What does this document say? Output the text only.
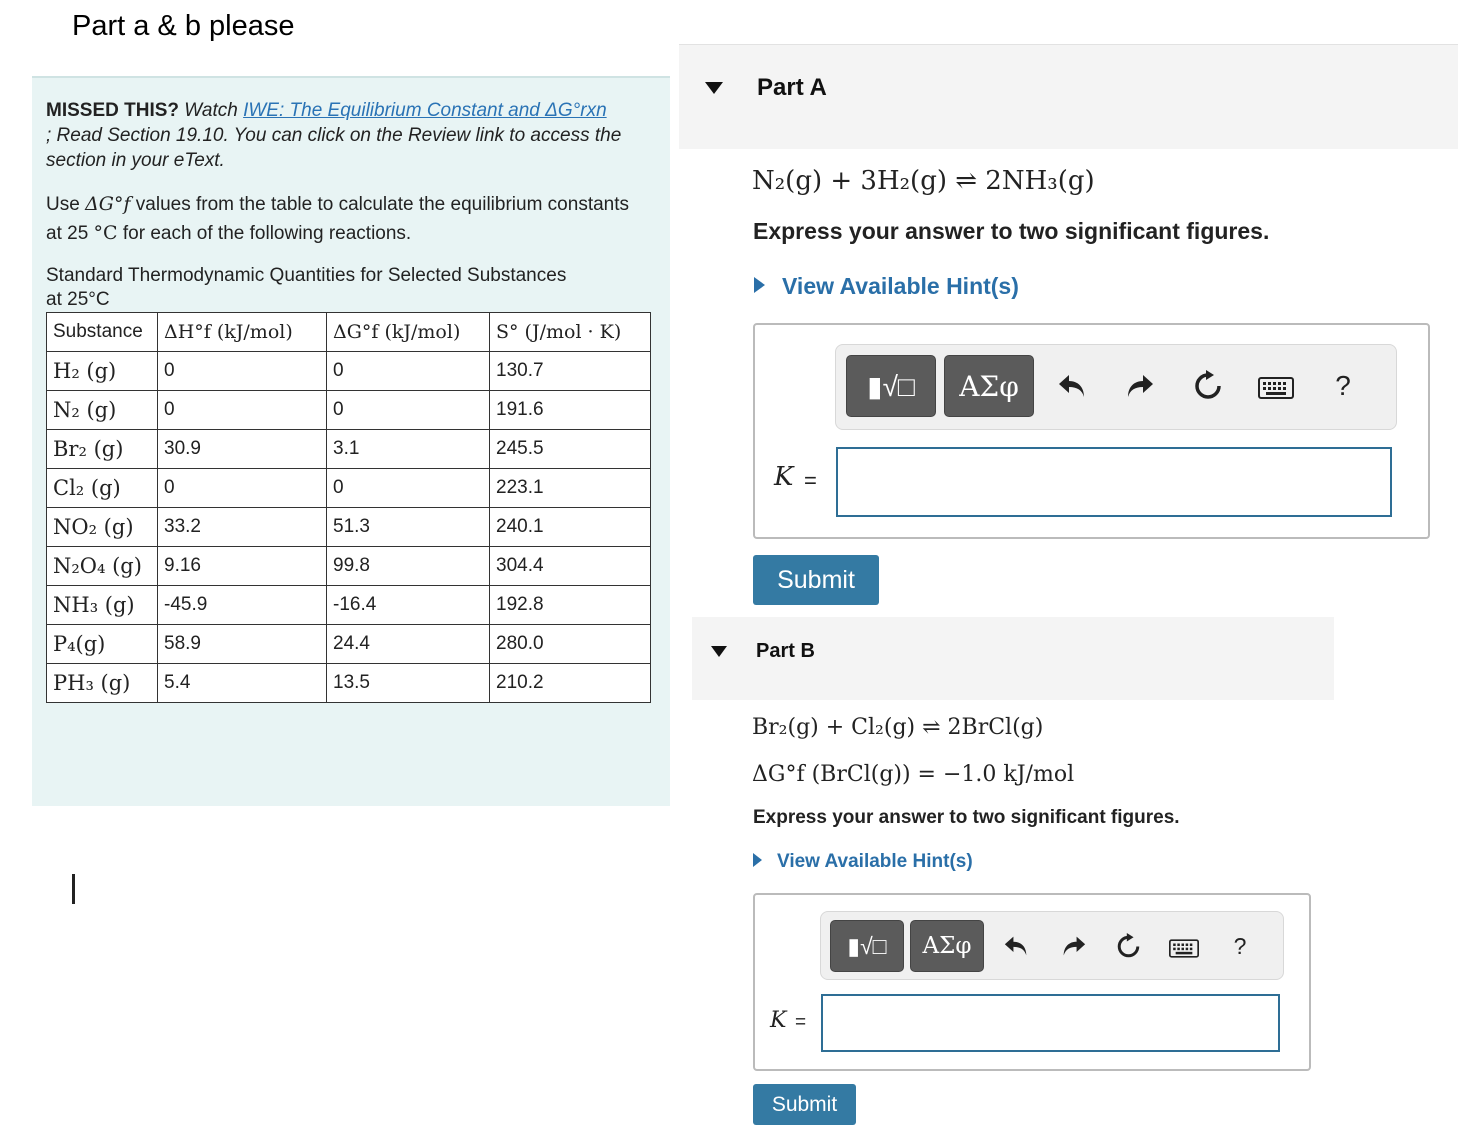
Part a & b please
MISSED THIS? Watch IWE: The Equilibrium Constant and ΔG°rxn
; Read Section 19.10. You can click on the Review link to access the section in your eText.
Use ΔG°f values from the table to calculate the equilibrium constants at 25 °C for each of the following reactions.
Standard Thermodynamic Quantities for Selected Substances
at 25°C
Substance	ΔH°f (kJ/mol)	ΔG°f (kJ/mol)	S° (J/mol · K)
H₂ (g)	0	0	130.7
N₂ (g)	0	0	191.6
Br₂ (g)	30.9	3.1	245.5
Cl₂ (g)	0	0	223.1
NO₂ (g)	33.2	51.3	240.1
N₂O₄ (g)	9.16	99.8	304.4
NH₃ (g)	-45.9	-16.4	192.8
P₄(g)	58.9	24.4	280.0
PH₃ (g)	5.4	13.5	210.2
Part A
N₂(g) + 3H₂(g) ⇌ 2NH₃(g)
Express your answer to two significant figures.
View Available Hint(s)
▮√□	ΑΣφ	?
K =
Submit
Part B
Br₂(g) + Cl₂(g) ⇌ 2BrCl(g)
ΔG°f (BrCl(g)) = −1.0 kJ/mol
Express your answer to two significant figures.
View Available Hint(s)
▮√□	ΑΣφ	?
K =
Submit
